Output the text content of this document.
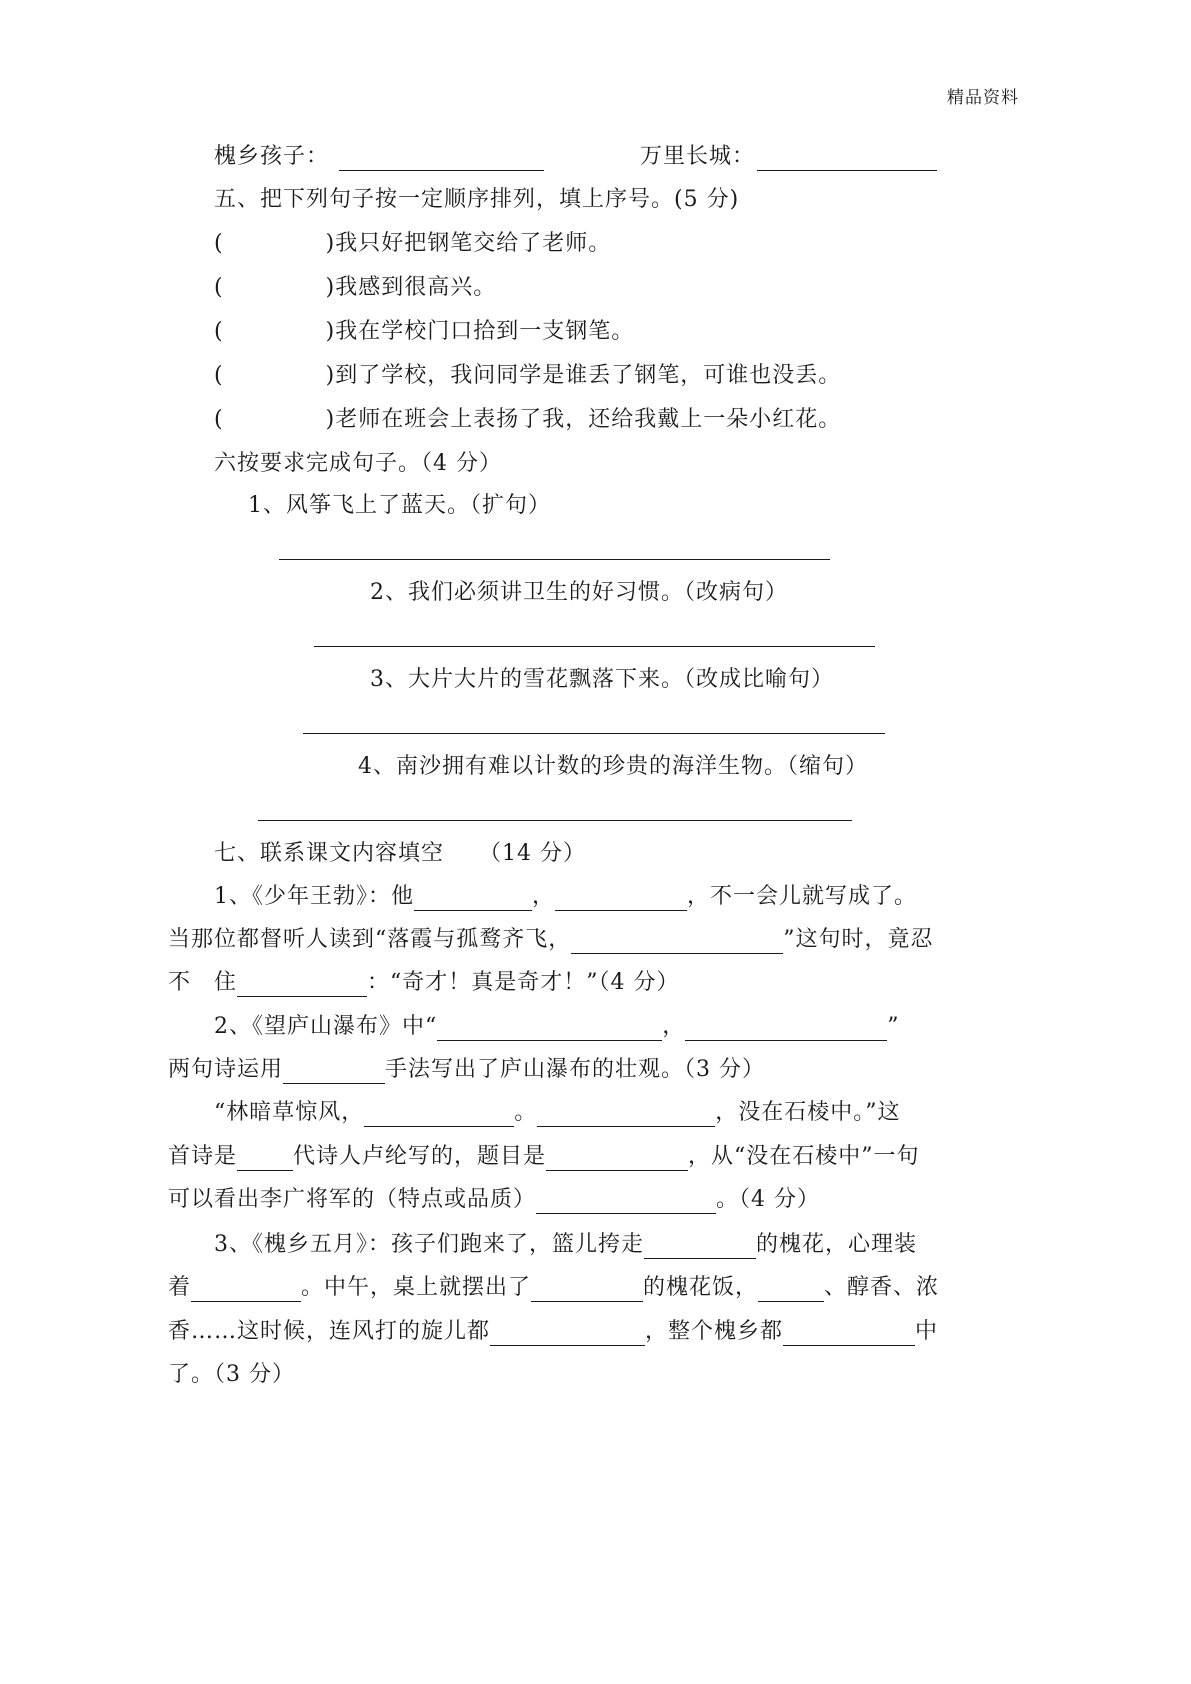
精品资料
槐乡孩子：	万里长城：
五、把下列句子按一定顺序排列，填上序号。(5 分)
(	)我只好把钢笔交给了老师。
(	)我感到很高兴。
(	)我在学校门口拾到一支钢笔。
(	)到了学校，我问同学是谁丢了钢笔，可谁也没丢。
(	)老师在班会上表扬了我，还给我戴上一朵小红花。
六按要求完成句子。（4 分）
1、风筝飞上了蓝天。（扩句）
2、我们必须讲卫生的好习惯。（改病句）
3、大片大片的雪花飘落下来。（改成比喻句）
4、南沙拥有难以计数的珍贵的海洋生物。（缩句）
七、联系课文内容填空　　（14 分）
1、《少年王勃》：他	，	，不一会儿就写成了。
当那位都督听人读到“落霞与孤鹜齐飞，	”这句时，竟忍
不　住	：“奇才！真是奇才！”（4 分）
2、《望庐山瀑布》中“	，	”
两句诗运用	手法写出了庐山瀑布的壮观。（3 分）
“林暗草惊风，	。	，没在石棱中。”这
首诗是	代诗人卢纶写的，题目是	，从“没在石棱中”一句
可以看出李广将军的（特点或品质）	。（4 分）
3、《槐乡五月》：孩子们跑来了，篮儿挎走	的槐花，心理装
着	。中午，桌上就摆出了	的槐花饭，	、醇香、浓
香……这时候，连风打的旋儿都	，整个槐乡都	中
了。（3 分）
